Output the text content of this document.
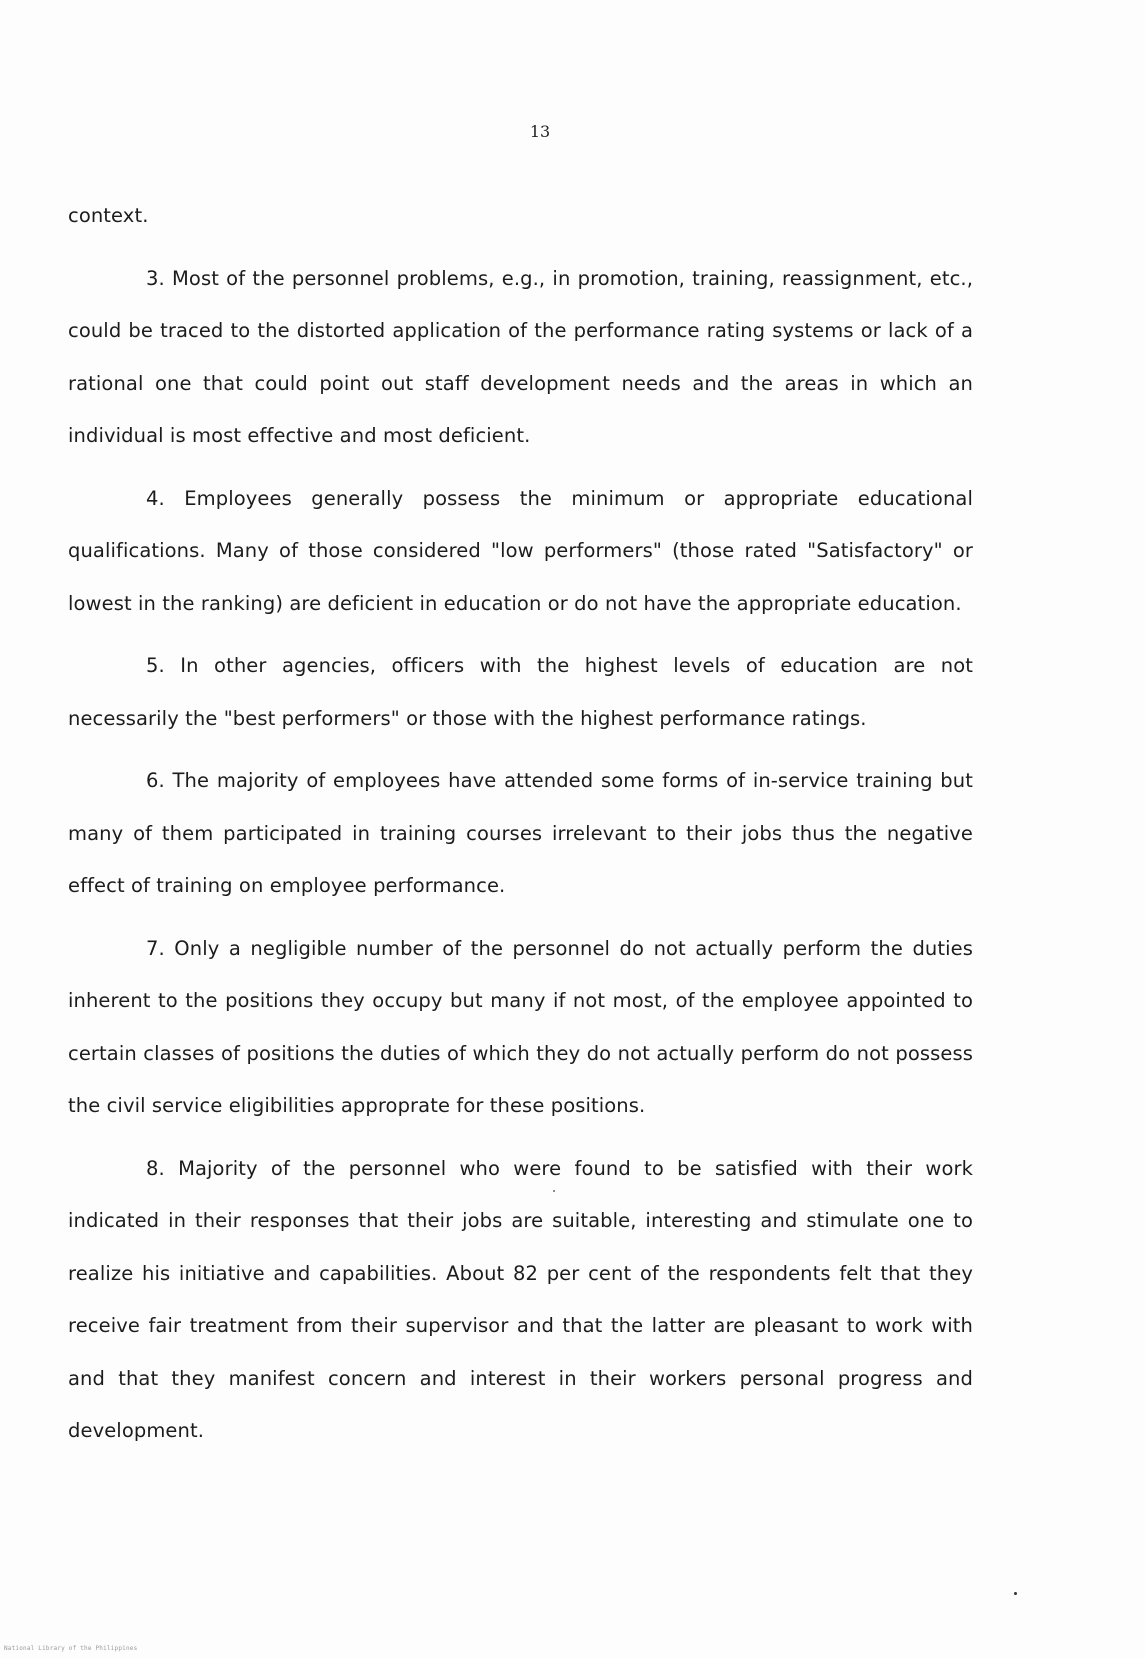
13

context.

3. Most of the personnel problems, e.g., in promotion, training, reassignment, etc., could be traced to the distorted application of the performance rating systems or lack of a rational one that could point out staff development needs and the areas in which an individual is most effective and most deficient.

4. Employees generally possess the minimum or appropriate educational qualifications. Many of those considered "low performers" (those rated "Satisfactory" or lowest in the ranking) are deficient in education or do not have the appropriate education.

5. In other agencies, officers with the highest levels of education are not necessarily the "best performers" or those with the highest performance ratings.

6. The majority of employees have attended some forms of in-service training but many of them participated in training courses irrelevant to their jobs thus the negative effect of training on employee performance.

7. Only a negligible number of the personnel do not actually perform the duties inherent to the positions they occupy but many if not most, of the employee appointed to certain classes of positions the duties of which they do not actually perform do not possess the civil service eligibilities approprate for these positions.

8. Majority of the personnel who were found to be satisfied with their work indicated in their responses that their jobs are suitable, interesting and stimulate one to realize his initiative and capabilities. About 82 per cent of the respondents felt that they receive fair treatment from their supervisor and that the latter are pleasant to work with and that they manifest concern and interest in their workers personal progress and development.

National Library of the Philippines
